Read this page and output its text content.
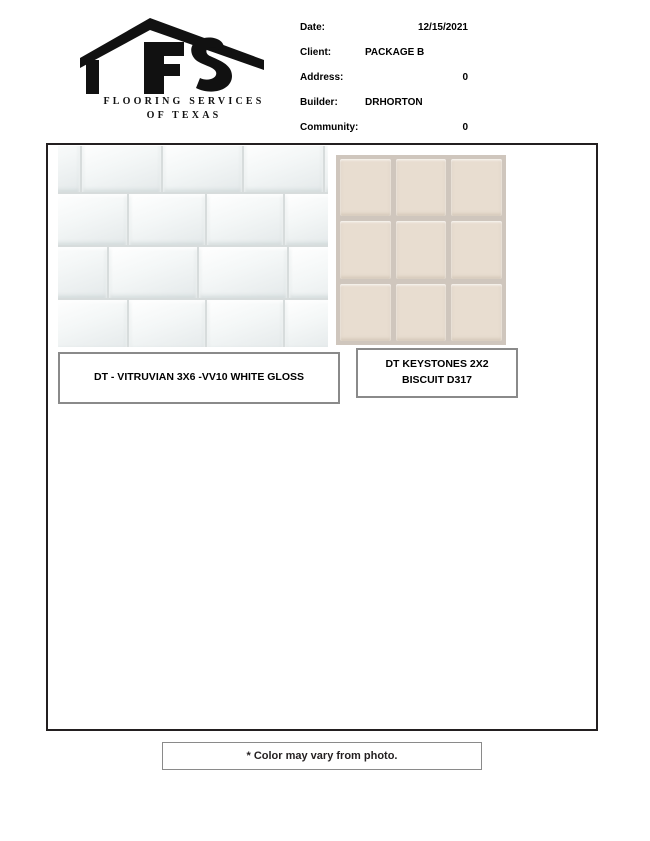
FLOORING SERVICES
OF TEXAS
Date:	12/15/2021
Client:	PACKAGE B
Address:	0
Builder:	DRHORTON
Community:	0
DT - VITRUVIAN 3X6 -VV10 WHITE GLOSS
DT KEYSTONES 2X2
BISCUIT D317
* Color may vary from photo.
